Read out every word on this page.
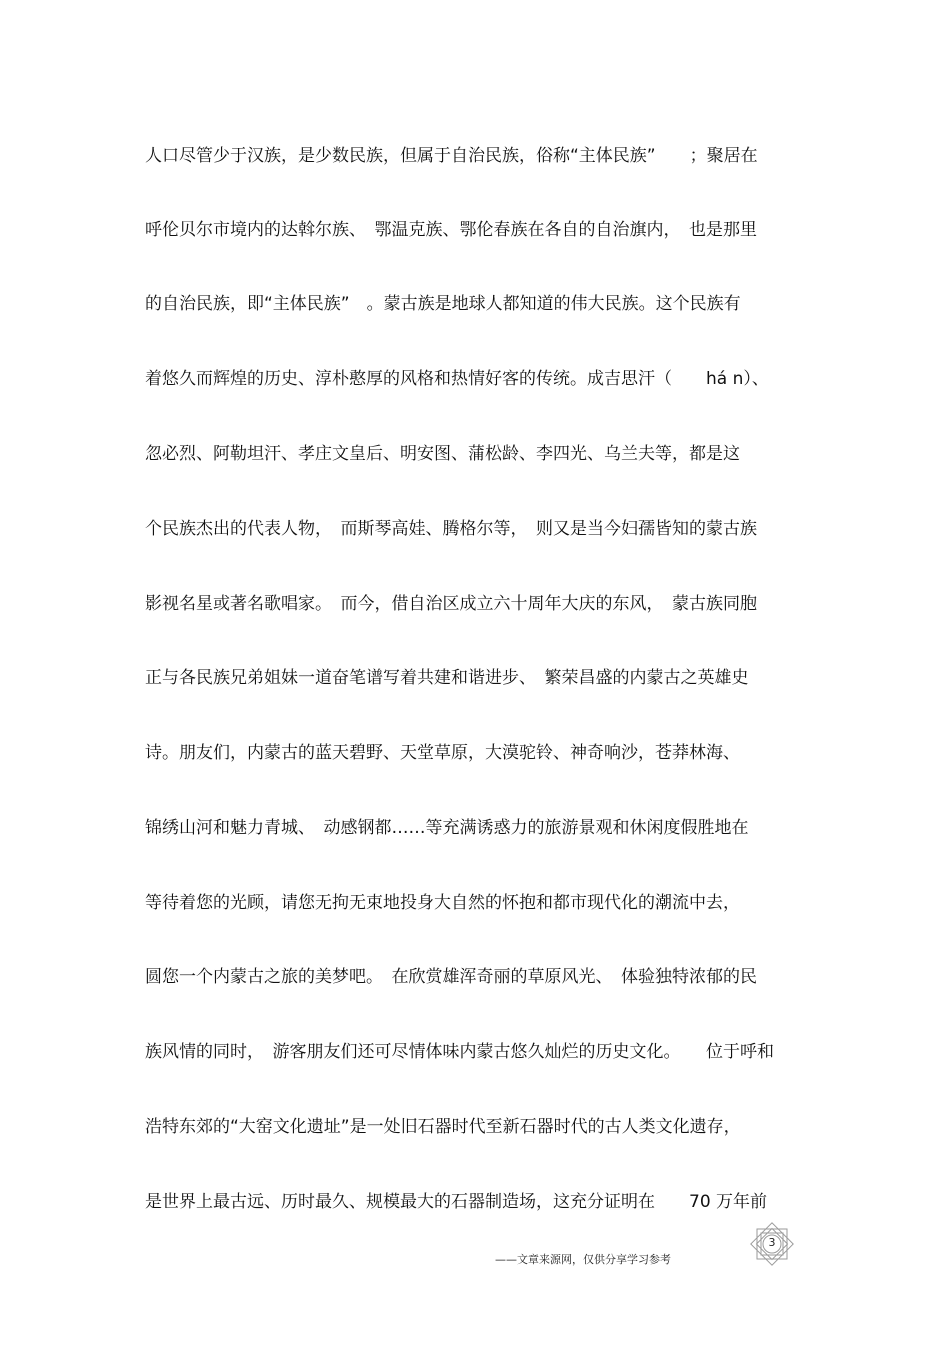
人口尽管少于汉族，是少数民族，但属于自治民族，俗称“主体民族”　　；聚居在
呼伦贝尔市境内的达斡尔族、　鄂温克族、鄂伦春族在各自的自治旗内，　也是那里
的自治民族，即“主体民族”　。蒙古族是地球人都知道的伟大民族。这个民族有
着悠久而辉煌的历史、淳朴憨厚的风格和热情好客的传统。成吉思汗（　　há n）、
忽必烈、阿勒坦汗、孝庄文皇后、明安图、蒲松龄、李四光、乌兰夫等，都是这
个民族杰出的代表人物，　而斯琴高娃、腾格尔等，　则又是当今妇孺皆知的蒙古族
影视名星或著名歌唱家。　而今，借自治区成立六十周年大庆的东风，　蒙古族同胞
正与各民族兄弟姐妹一道奋笔谱写着共建和谐进步、　繁荣昌盛的内蒙古之英雄史
诗。朋友们，内蒙古的蓝天碧野、天堂草原，大漠驼铃、神奇响沙，苍莽林海、
锦绣山河和魅力青城、　动感钢都……等充满诱惑力的旅游景观和休闲度假胜地在
等待着您的光顾，请您无拘无束地投身大自然的怀抱和都市现代化的潮流中去，
圆您一个内蒙古之旅的美梦吧。　在欣赏雄浑奇丽的草原风光、　体验独特浓郁的民
族风情的同时，　游客朋友们还可尽情体味内蒙古悠久灿烂的历史文化。　　位于呼和
浩特东郊的“大窑文化遗址”是一处旧石器时代至新石器时代的古人类文化遗存，
是世界上最古远、历时最久、规模最大的石器制造场，这充分证明在　　70 万年前
——文章来源网，仅供分享学习参考
3
